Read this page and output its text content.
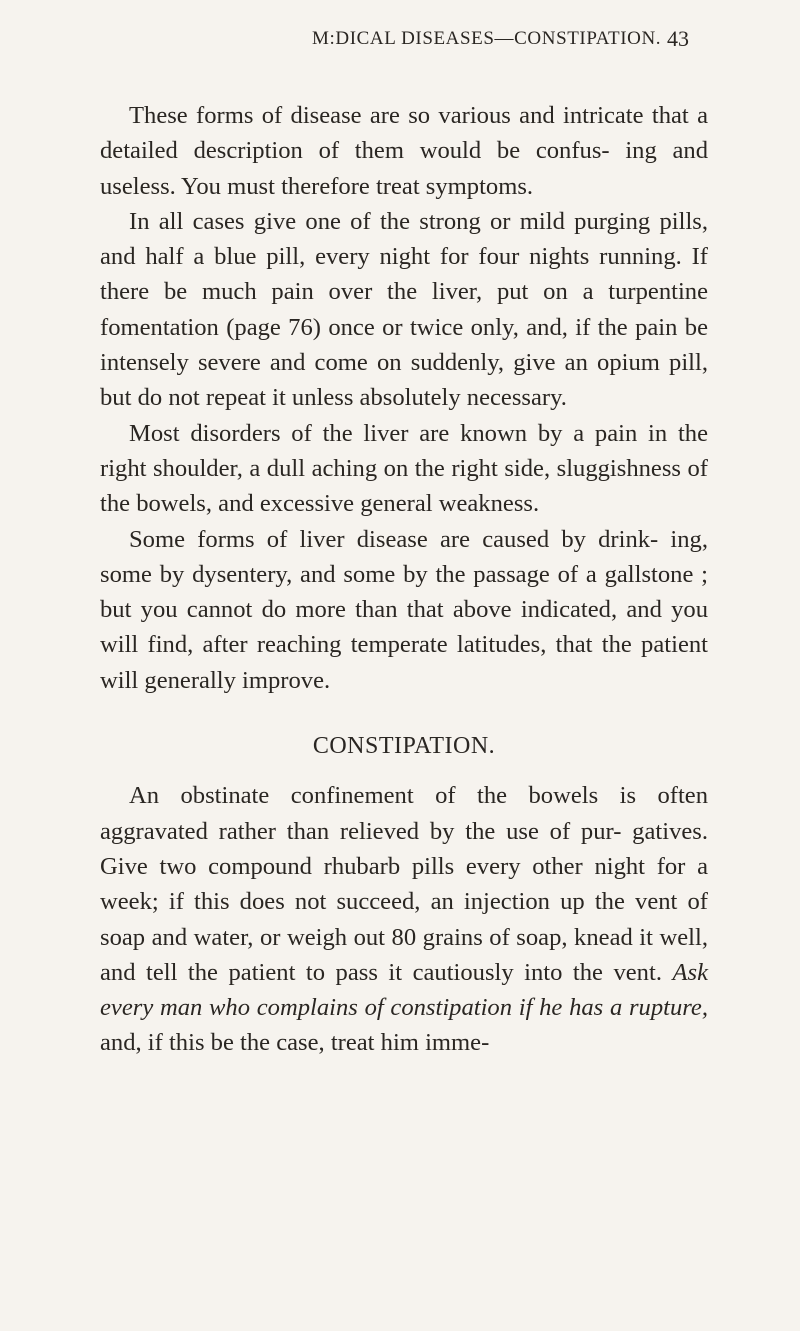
M:DICAL DISEASES—CONSTIPATION. 43

These forms of disease are so various and intricate that a detailed description of them would be confus- ing and useless. You must therefore treat symptoms.

In all cases give one of the strong or mild purging pills, and half a blue pill, every night for four nights running. If there be much pain over the liver, put on a turpentine fomentation (page 76) once or twice only, and, if the pain be intensely severe and come on suddenly, give an opium pill, but do not repeat it unless absolutely necessary.

Most disorders of the liver are known by a pain in the right shoulder, a dull aching on the right side, sluggishness of the bowels, and excessive general weakness.

Some forms of liver disease are caused by drink- ing, some by dysentery, and some by the passage of a gallstone ; but you cannot do more than that above indicated, and you will find, after reaching temperate latitudes, that the patient will generally improve.

CONSTIPATION.

An obstinate confinement of the bowels is often aggravated rather than relieved by the use of pur- gatives. Give two compound rhubarb pills every other night for a week; if this does not succeed, an injection up the vent of soap and water, or weigh out 80 grains of soap, knead it well, and tell the patient to pass it cautiously into the vent. Ask every man who complains of constipation if he has a rupture, and, if this be the case, treat him imme-
